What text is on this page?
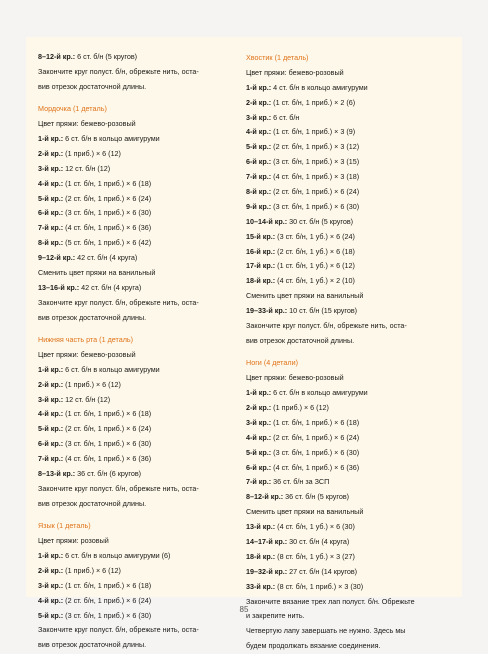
8–12-й кр.: 6 ст. б/н (5 кругов)
Закончите круг полуст. б/н, обрежьте нить, оста-
вив отрезок достаточной длины.
Мордочка (1 деталь)
Цвет пряжи: бежево-розовый
1-й кр.: 6 ст. б/н в кольцо амигуруми
2-й кр.: (1 приб.) × 6 (12)
3-й кр.: 12 ст. б/н (12)
4-й кр.: (1 ст. б/н, 1 приб.) × 6 (18)
5-й кр.: (2 ст. б/н, 1 приб.) × 6 (24)
6-й кр.: (3 ст. б/н, 1 приб.) × 6 (30)
7-й кр.: (4 ст. б/н, 1 приб.) × 6 (36)
8-й кр.: (5 ст. б/н, 1 приб.) × 6 (42)
9–12-й кр.: 42 ст. б/н (4 круга)
Сменить цвет пряжи на ванильный
13–16-й кр.: 42 ст. б/н (4 круга)
Закончите круг полуст. б/н, обрежьте нить, оста-
вив отрезок достаточной длины.
Нижняя часть рта (1 деталь)
Цвет пряжи: бежево-розовый
1-й кр.: 6 ст. б/н в кольцо амигуруми
2-й кр.: (1 приб.) × 6 (12)
3-й кр.: 12 ст. б/н (12)
4-й кр.: (1 ст. б/н, 1 приб.) × 6 (18)
5-й кр.: (2 ст. б/н, 1 приб.) × 6 (24)
6-й кр.: (3 ст. б/н, 1 приб.) × 6 (30)
7-й кр.: (4 ст. б/н, 1 приб.) × 6 (36)
8–13-й кр.: 36 ст. б/н (6 кругов)
Закончите круг полуст. б/н, обрежьте нить, оста-
вив отрезок достаточной длины.
Язык (1 деталь)
Цвет пряжи: розовый
1-й кр.: 6 ст. б/н в кольцо амигуруми (6)
2-й кр.: (1 приб.) × 6 (12)
3-й кр.: (1 ст. б/н, 1 приб.) × 6 (18)
4-й кр.: (2 ст. б/н, 1 приб.) × 6 (24)
5-й кр.: (3 ст. б/н, 1 приб.) × 6 (30)
Закончите круг полуст. б/н, обрежьте нить, оста-
вив отрезок достаточной длины.
Хвостик (1 деталь)
Цвет пряжи: бежево-розовый
1-й кр.: 4 ст. б/н в кольцо амигуруми
2-й кр.: (1 ст. б/н, 1 приб.) × 2 (6)
3-й кр.: 6 ст. б/н
4-й кр.: (1 ст. б/н, 1 приб.) × 3 (9)
5-й кр.: (2 ст. б/н, 1 приб.) × 3 (12)
6-й кр.: (3 ст. б/н, 1 приб.) × 3 (15)
7-й кр.: (4 ст. б/н, 1 приб.) × 3 (18)
8-й кр.: (2 ст. б/н, 1 приб.) × 6 (24)
9-й кр.: (3 ст. б/н, 1 приб.) × 6 (30)
10–14-й кр.: 30 ст. б/н (5 кругов)
15-й кр.: (3 ст. б/н, 1 уб.) × 6 (24)
16-й кр.: (2 ст. б/н, 1 уб.) × 6 (18)
17-й кр.: (1 ст. б/н, 1 уб.) × 6 (12)
18-й кр.: (4 ст. б/н, 1 уб.) × 2 (10)
Сменить цвет пряжи на ванильный
19–33-й кр.: 10 ст. б/н (15 кругов)
Закончите круг полуст. б/н, обрежьте нить, оста-
вив отрезок достаточной длины.
Ноги (4 детали)
Цвет пряжи: бежево-розовый
1-й кр.: 6 ст. б/н в кольцо амигуруми
2-й кр.: (1 приб.) × 6 (12)
3-й кр.: (1 ст. б/н, 1 приб.) × 6 (18)
4-й кр.: (2 ст. б/н, 1 приб.) × 6 (24)
5-й кр.: (3 ст. б/н, 1 приб.) × 6 (30)
6-й кр.: (4 ст. б/н, 1 приб.) × 6 (36)
7-й кр.: 36 ст. б/н за ЗСП
8–12-й кр.: 36 ст. б/н (5 кругов)
Сменить цвет пряжи на ванильный
13-й кр.: (4 ст. б/н, 1 уб.) × 6 (30)
14–17-й кр.: 30 ст. б/н (4 круга)
18-й кр.: (8 ст. б/н, 1 уб.) × 3 (27)
19–32-й кр.: 27 ст. б/н (14 кругов)
33-й кр.: (8 ст. б/н, 1 приб.) × 3 (30)
Закончите вязание трех лап полуст. б/н. Обрежьте
и закрепите нить.
Четвертую лапу завершать не нужно. Здесь мы
будем продолжать вязание соединения.
85
